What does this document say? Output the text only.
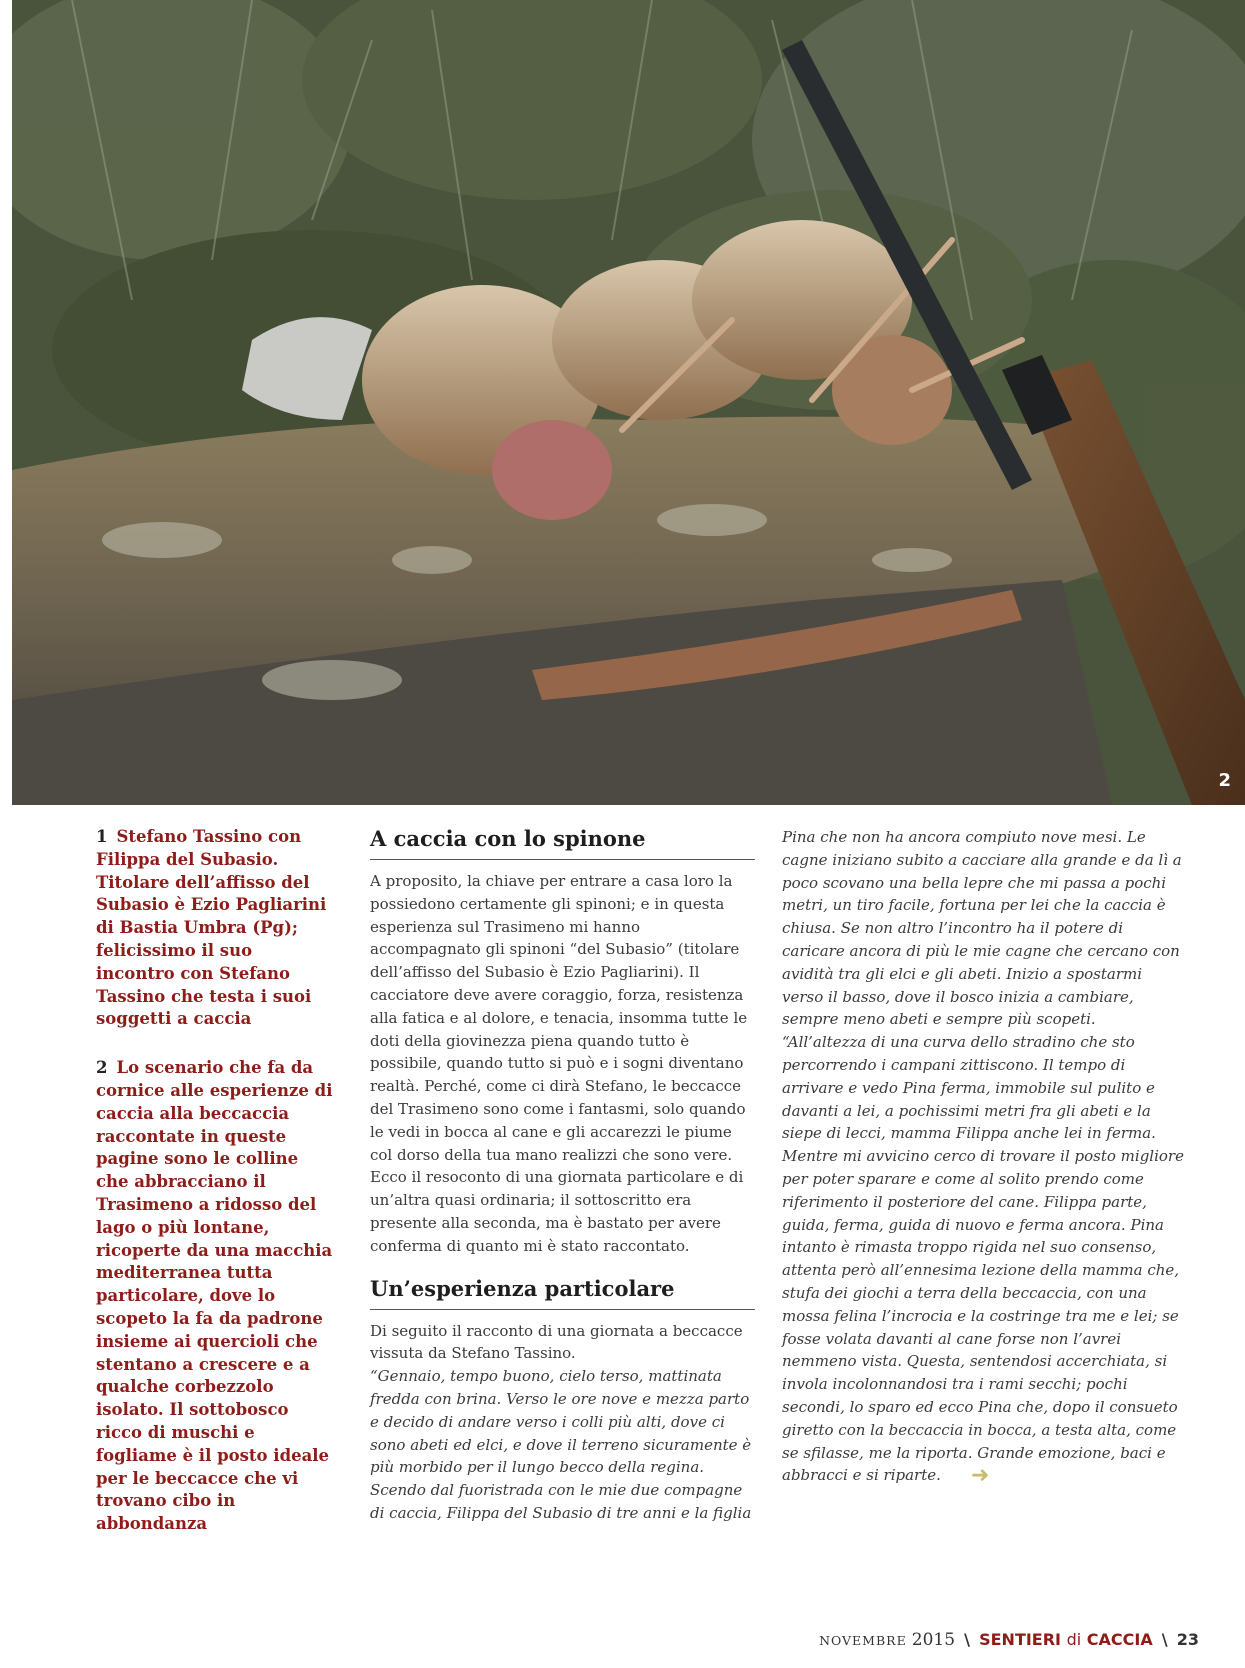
2

1 Stefano Tassino con Filippa del Subasio. Titolare dell’affisso del Subasio è Ezio Pagliarini di Bastia Umbra (Pg); felicissimo il suo incontro con Stefano Tassino che testa i suoi soggetti a caccia

2 Lo scenario che fa da cornice alle esperienze di caccia alla beccaccia raccontate in queste pagine sono le colline che abbracciano il Trasimeno a ridosso del lago o più lontane, ricoperte da una macchia mediterranea tutta particolare, dove lo scopeto la fa da padrone insieme ai quercioli che stentano a crescere e a qualche corbezzolo isolato. Il sottobosco ricco di muschi e fogliame è il posto ideale per le beccacce che vi trovano cibo in abbondanza

A caccia con lo spinone

A proposito, la chiave per entrare a casa loro la possiedono certamente gli spinoni; e in questa esperienza sul Trasimeno mi hanno accompagnato gli spinoni “del Subasio” (titolare dell’affisso del Subasio è Ezio Pagliarini). Il cacciatore deve avere coraggio, forza, resistenza alla fatica e al dolore, e tenacia, insomma tutte le doti della giovinezza piena quando tutto è possibile, quando tutto si può e i sogni diventano realtà. Perché, come ci dirà Stefano, le beccacce del Trasimeno sono come i fantasmi, solo quando le vedi in bocca al cane e gli accarezzi le piume col dorso della tua mano realizzi che sono vere. Ecco il resoconto di una giornata particolare e di un’altra quasi ordinaria; il sottoscritto era presente alla seconda, ma è bastato per avere conferma di quanto mi è stato raccontato.

Un’esperienza particolare

Di seguito il racconto di una giornata a beccacce vissuta da Stefano Tassino.

“Gennaio, tempo buono, cielo terso, mattinata fredda con brina. Verso le ore nove e mezza parto e decido di andare verso i colli più alti, dove ci sono abeti ed elci, e dove il terreno sicuramente è più morbido per il lungo becco della regina. Scendo dal fuoristrada con le mie due compagne di caccia, Filippa del Subasio di tre anni e la figlia

Pina che non ha ancora compiuto nove mesi. Le cagne iniziano subito a cacciare alla grande e da lì a poco scovano una bella lepre che mi passa a pochi metri, un tiro facile, fortuna per lei che la caccia è chiusa. Se non altro l’incontro ha il potere di caricare ancora di più le mie cagne che cercano con avidità tra gli elci e gli abeti. Inizio a spostarmi verso il basso, dove il bosco inizia a cambiare, sempre meno abeti e sempre più scopeti.

“All’altezza di una curva dello stradino che sto percorrendo i campani zittiscono. Il tempo di arrivare e vedo Pina ferma, immobile sul pulito e davanti a lei, a pochissimi metri fra gli abeti e la siepe di lecci, mamma Filippa anche lei in ferma. Mentre mi avvicino cerco di trovare il posto migliore per poter sparare e come al solito prendo come riferimento il posteriore del cane. Filippa parte, guida, ferma, guida di nuovo e ferma ancora. Pina intanto è rimasta troppo rigida nel suo consenso, attenta però all’ennesima lezione della mamma che, stufa dei giochi a terra della beccaccia, con una mossa felina l’incrocia e la costringe tra me e lei; se fosse volata davanti al cane forse non l’avrei nemmeno vista. Questa, sentendosi accerchiata, si invola incolonnandosi tra i rami secchi; pochi secondi, lo sparo ed ecco Pina che, dopo il consueto giretto con la beccaccia in bocca, a testa alta, come se sfilasse, me la riporta. Grande emozione, baci e abbracci e si riparte. ➜

NOVEMBRE 2015 \ SENTIERI di CACCIA \ 23
